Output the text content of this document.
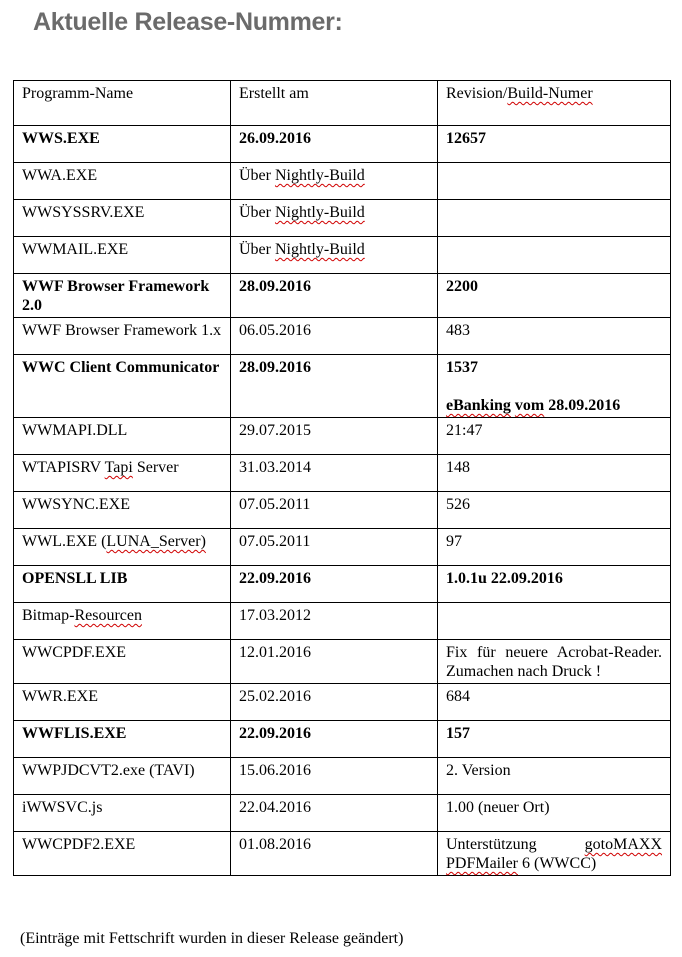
Aktuelle Release-Nummer:
Programm-Name	Erstellt am	Revision/Build-Numer

WWS.EXE	26.09.2016	12657

WWA.EXE	Über Nightly-Build	

WWSYSSRV.EXE	Über Nightly-Build	

WWMAIL.EXE	Über Nightly-Build	

WWF Browser Framework 2.0	28.09.2016	2200

WWF Browser Framework 1.x	06.05.2016	483

WWC Client Communicator	28.09.2016	1537

eBanking vom 28.09.2016

WWMAPI.DLL	29.07.2015	21:47

WTAPISRV Tapi Server	31.03.2014	148

WWSYNC.EXE	07.05.2011	526

WWL.EXE (LUNA_Server)	07.05.2011	97

OPENSLL LIB	22.09.2016	1.0.1u 22.09.2016

Bitmap-Resourcen	17.03.2012	

WWCPDF.EXE	12.01.2016	Fix für neuere Acrobat-Reader. Zumachen nach Druck !

WWR.EXE	25.02.2016	684

WWFLIS.EXE	22.09.2016	157

WWPJDCVT2.exe (TAVI)	15.06.2016	2. Version

iWWSVC.js	22.04.2016	1.00 (neuer Ort)

WWCPDF2.EXE	01.08.2016	Unterstützung gotoMAXX PDFMailer 6 (WWCC)
(Einträge mit Fettschrift wurden in dieser Release geändert)
